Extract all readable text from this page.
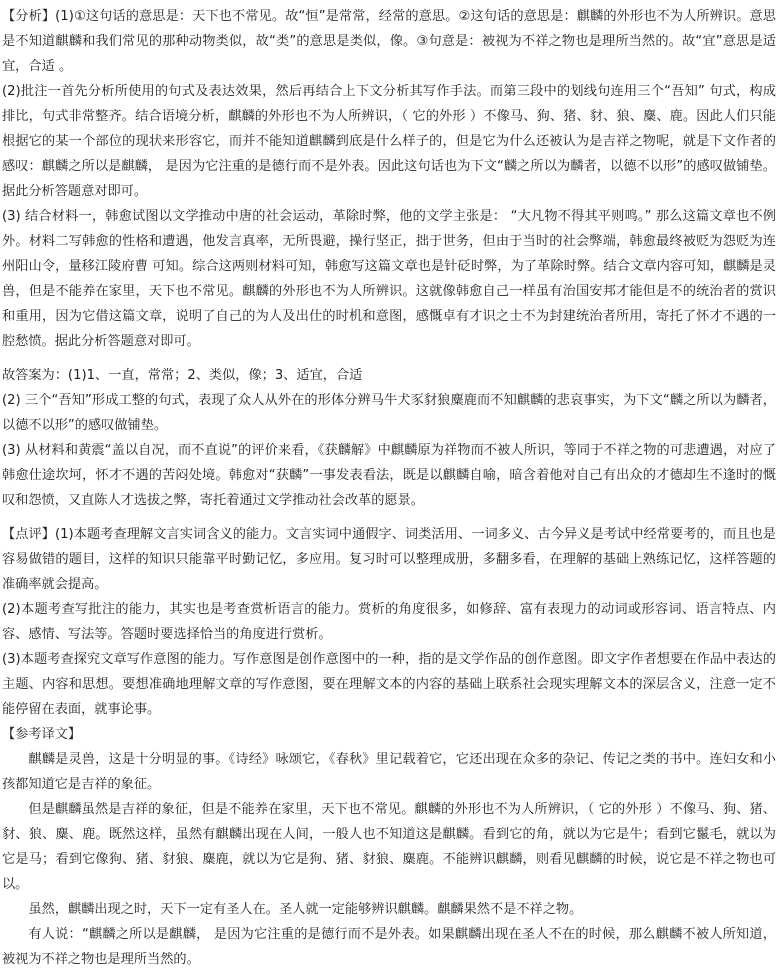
【分析】(1)①这句话的意思是：天下也不常见。故“恒”是常常，经常的意思。②这句话的意思是：麒麟的外形也不为人所辨识。意思是不知道麒麟和我们常见的那种动物类似，故“类”的意思是类似，像。③句意是：被视为不祥之物也是理所当然的。故“宜”意思是适宜，合适 。

(2)批注一首先分析所使用的句式及表达效果，然后再结合上下文分析其写作手法。而第三段中的划线句连用三个“吾知” 句式，构成排比，句式非常整齐。结合语境分析，麒麟的外形也不为人所辨识，（ 它的外形 ）不像马、狗、猪、豺、狼、麋、鹿。因此人们只能根据它的某一个部位的现状来形容它，而并不能知道麒麟到底是什么样子的，但是它为什么还被认为是吉祥之物呢，就是下文作者的感叹：麒麟之所以是麒麟， 是因为它注重的是德行而不是外表。因此这句话也为下文“麟之所以为麟者，以德不以形”的感叹做铺垫。据此分析答题意对即可。

(3) 结合材料一，韩愈试图以文学推动中唐的社会运动，革除时弊，他的文学主张是： “大凡物不得其平则鸣。” 那么这篇文章也不例外。材料二写韩愈的性格和遭遇，他发言真率，无所畏避，操行坚正，拙于世务，但由于当时的社会弊端，韩愈最终被贬为怨贬为连州阳山令，量移江陵府曹 可知。综合这两则材料可知，韩愈写这篇文章也是针砭时弊，为了革除时弊。结合文章内容可知，麒麟是灵兽，但是不能养在家里，天下也不常见。麒麟的外形也不为人所辨识。这就像韩愈自己一样虽有治国安邦才能但是不的统治者的赏识和重用，因为它借这篇文章，说明了自己的为人及出仕的时机和意图，感慨卓有才识之士不为封建统治者所用，寄托了怀才不遇的一腔愁愤。据此分析答题意对即可。

故答案为：(1)1、一直，常常；2、类似，像；3、适宜，合适

(2) 三个“吾知”形成工整的句式，表现了众人从外在的形体分辨马牛犬豕豺狼麋鹿而不知麒麟的悲哀事实，为下文“麟之所以为麟者，以德不以形”的感叹做铺垫。

(3) 从材料和黄震“盖以自况，而不直说”的评价来看，《获麟解》中麒麟原为祥物而不被人所识，等同于不祥之物的可悲遭遇，对应了韩愈仕途坎坷，怀才不遇的苦闷处境。韩愈对“获麟”一事发表看法，既是以麒麟自喻，暗含着他对自己有出众的才德却生不逢时的慨叹和怨愤，又直陈人才选拔之弊，寄托着通过文学推动社会改革的愿景。

【点评】(1)本题考查理解文言实词含义的能力。文言实词中通假字、词类活用、一词多义、古今异义是考试中经常要考的，而且也是容易做错的题目，这样的知识只能靠平时勤记忆，多应用。复习时可以整理成册，多翻多看，在理解的基础上熟练记忆，这样答题的准确率就会提高。

(2)本题考查写批注的能力，其实也是考查赏析语言的能力。赏析的角度很多，如修辞、富有表现力的动词或形容词、语言特点、内容、感情、写法等。答题时要选择恰当的角度进行赏析。

(3)本题考查探究文章写作意图的能力。写作意图是创作意图中的一种，指的是文学作品的创作意图。即文字作者想要在作品中表达的主题、内容和思想。要想准确地理解文章的写作意图，要在理解文本的内容的基础上联系社会现实理解文本的深层含义，注意一定不能停留在表面，就事论事。

【参考译文】

麒麟是灵兽，这是十分明显的事。《诗经》咏颂它，《春秋》里记载着它，它还出现在众多的杂记、传记之类的书中。连妇女和小孩都知道它是吉祥的象征。

但是麒麟虽然是吉祥的象征，但是不能养在家里，天下也不常见。麒麟的外形也不为人所辨识，（ 它的外形 ）不像马、狗、猪、豺、狼、麋、鹿。既然这样，虽然有麒麟出现在人间，一般人也不知道这是麒麟。看到它的角，就以为它是牛；看到它鬣毛，就以为它是马；看到它像狗、猪、豺狼、麋鹿，就以为它是狗、猪、豺狼、麋鹿。不能辨识麒麟，则看见麒麟的时候，说它是不祥之物也可以。

虽然，麒麟出现之时，天下一定有圣人在。圣人就一定能够辨识麒麟。麒麟果然不是不祥之物。

有人说：“麒麟之所以是麒麟， 是因为它注重的是德行而不是外表。如果麒麟出现在圣人不在的时候，那么麒麟不被人所知道，被视为不祥之物也是理所当然的。
